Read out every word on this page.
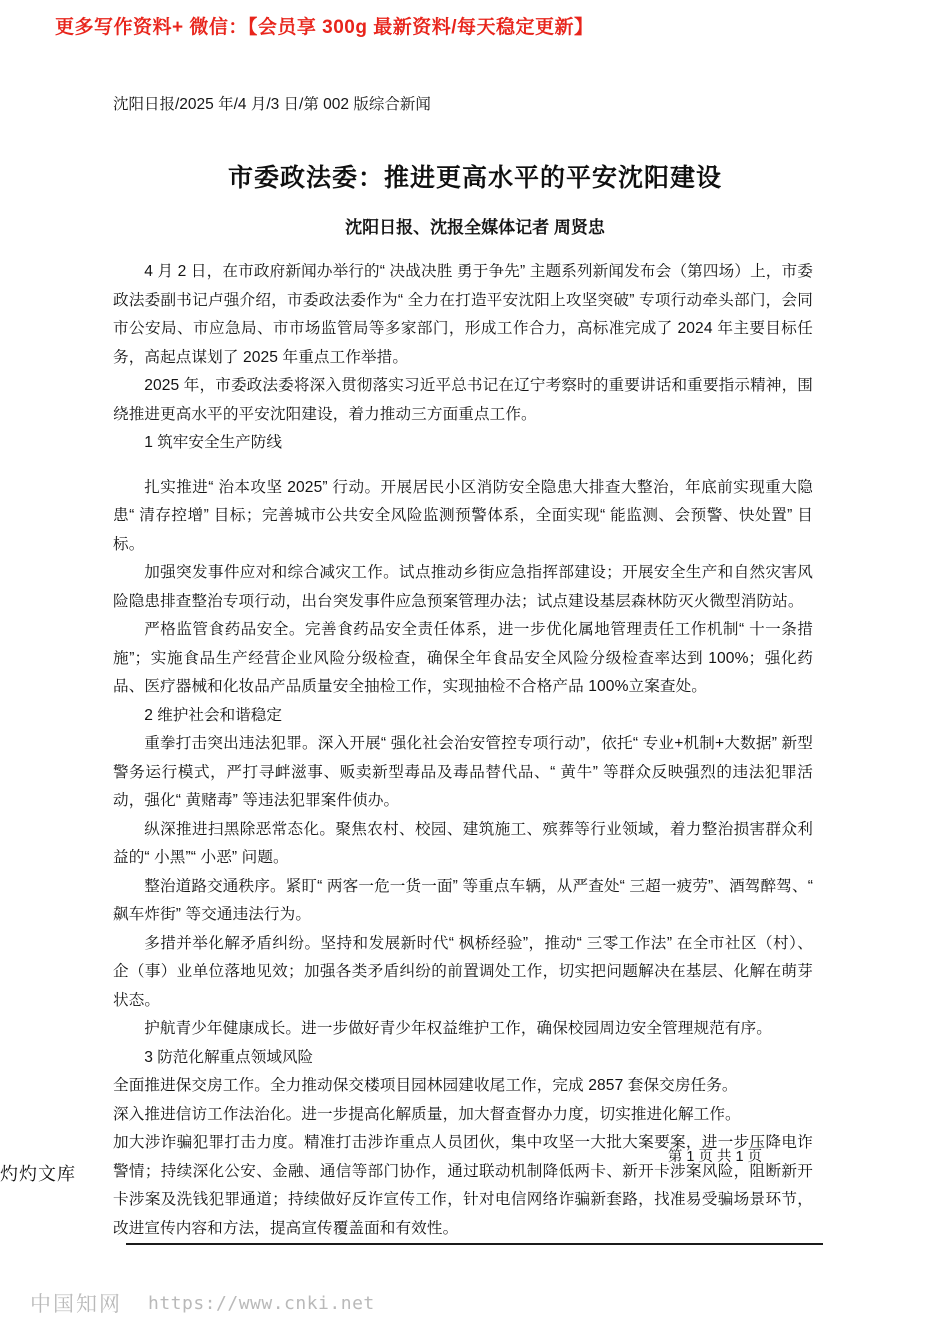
更多写作资料+ 微信：【会员享 300g 最新资料/每天稳定更新】
沈阳日报/2025 年/4 月/3 日/第 002 版综合新闻
市委政法委：推进更高水平的平安沈阳建设
沈阳日报、沈报全媒体记者 周贤忠

4 月 2 日，在市政府新闻办举行的“ 决战决胜 勇于争先” 主题系列新闻发布会（第四场）上，市委政法委副书记卢强介绍，市委政法委作为“ 全力在打造平安沈阳上攻坚突破” 专项行动牵头部门，会同市公安局、市应急局、市市场监管局等多家部门，形成工作合力，高标准完成了 2024 年主要目标任务，高起点谋划了 2025 年重点工作举措。

2025 年，市委政法委将深入贯彻落实习近平总书记在辽宁考察时的重要讲话和重要指示精神，围绕推进更高水平的平安沈阳建设，着力推动三方面重点工作。

1 筑牢安全生产防线

扎实推进“ 治本攻坚 2025” 行动。开展居民小区消防安全隐患大排查大整治，年底前实现重大隐患“ 清存控增” 目标；完善城市公共安全风险监测预警体系，全面实现“ 能监测、会预警、快处置” 目标。

加强突发事件应对和综合减灾工作。试点推动乡街应急指挥部建设；开展安全生产和自然灾害风险隐患排查整治专项行动，出台突发事件应急预案管理办法；试点建设基层森林防灭火微型消防站。

严格监管食药品安全。完善食药品安全责任体系，进一步优化属地管理责任工作机制“ 十一条措施”；实施食品生产经营企业风险分级检查，确保全年食品安全风险分级检查率达到 100%；强化药品、医疗器械和化妆品产品质量安全抽检工作，实现抽检不合格产品 100%立案查处。

2 维护社会和谐稳定

重拳打击突出违法犯罪。深入开展“ 强化社会治安管控专项行动”，依托“ 专业+机制+大数据” 新型警务运行模式，严打寻衅滋事、贩卖新型毒品及毒品替代品、“ 黄牛” 等群众反映强烈的违法犯罪活动，强化“ 黄赌毒” 等违法犯罪案件侦办。

纵深推进扫黑除恶常态化。聚焦农村、校园、建筑施工、殡葬等行业领域，着力整治损害群众利益的“ 小黑”“ 小恶” 问题。

整治道路交通秩序。紧盯“ 两客一危一货一面” 等重点车辆，从严查处“ 三超一疲劳”、酒驾醉驾、“ 飙车炸街” 等交通违法行为。

多措并举化解矛盾纠纷。坚持和发展新时代“ 枫桥经验”，推动“ 三零工作法” 在全市社区（村）、企（事）业单位落地见效；加强各类矛盾纠纷的前置调处工作，切实把问题解决在基层、化解在萌芽状态。

护航青少年健康成长。进一步做好青少年权益维护工作，确保校园周边安全管理规范有序。

3 防范化解重点领域风险

全面推进保交房工作。全力推动保交楼项目园林园建收尾工作，完成 2857 套保交房任务。

深入推进信访工作法治化。进一步提高化解质量，加大督查督办力度，切实推进化解工作。

加大涉诈骗犯罪打击力度。精准打击涉诈重点人员团伙，集中攻坚一大批大案要案，进一步压降电诈警情；持续深化公安、金融、通信等部门协作，通过联动机制降低两卡、新开卡涉案风险，阻断新开卡涉案及洗钱犯罪通道；持续做好反诈宣传工作，针对电信网络诈骗新套路，找准易受骗场景环节，改进宣传内容和方法，提高宣传覆盖面和有效性。

第 1 页 共 1 页
灼灼文库
中国知网 https://www.cnki.net
